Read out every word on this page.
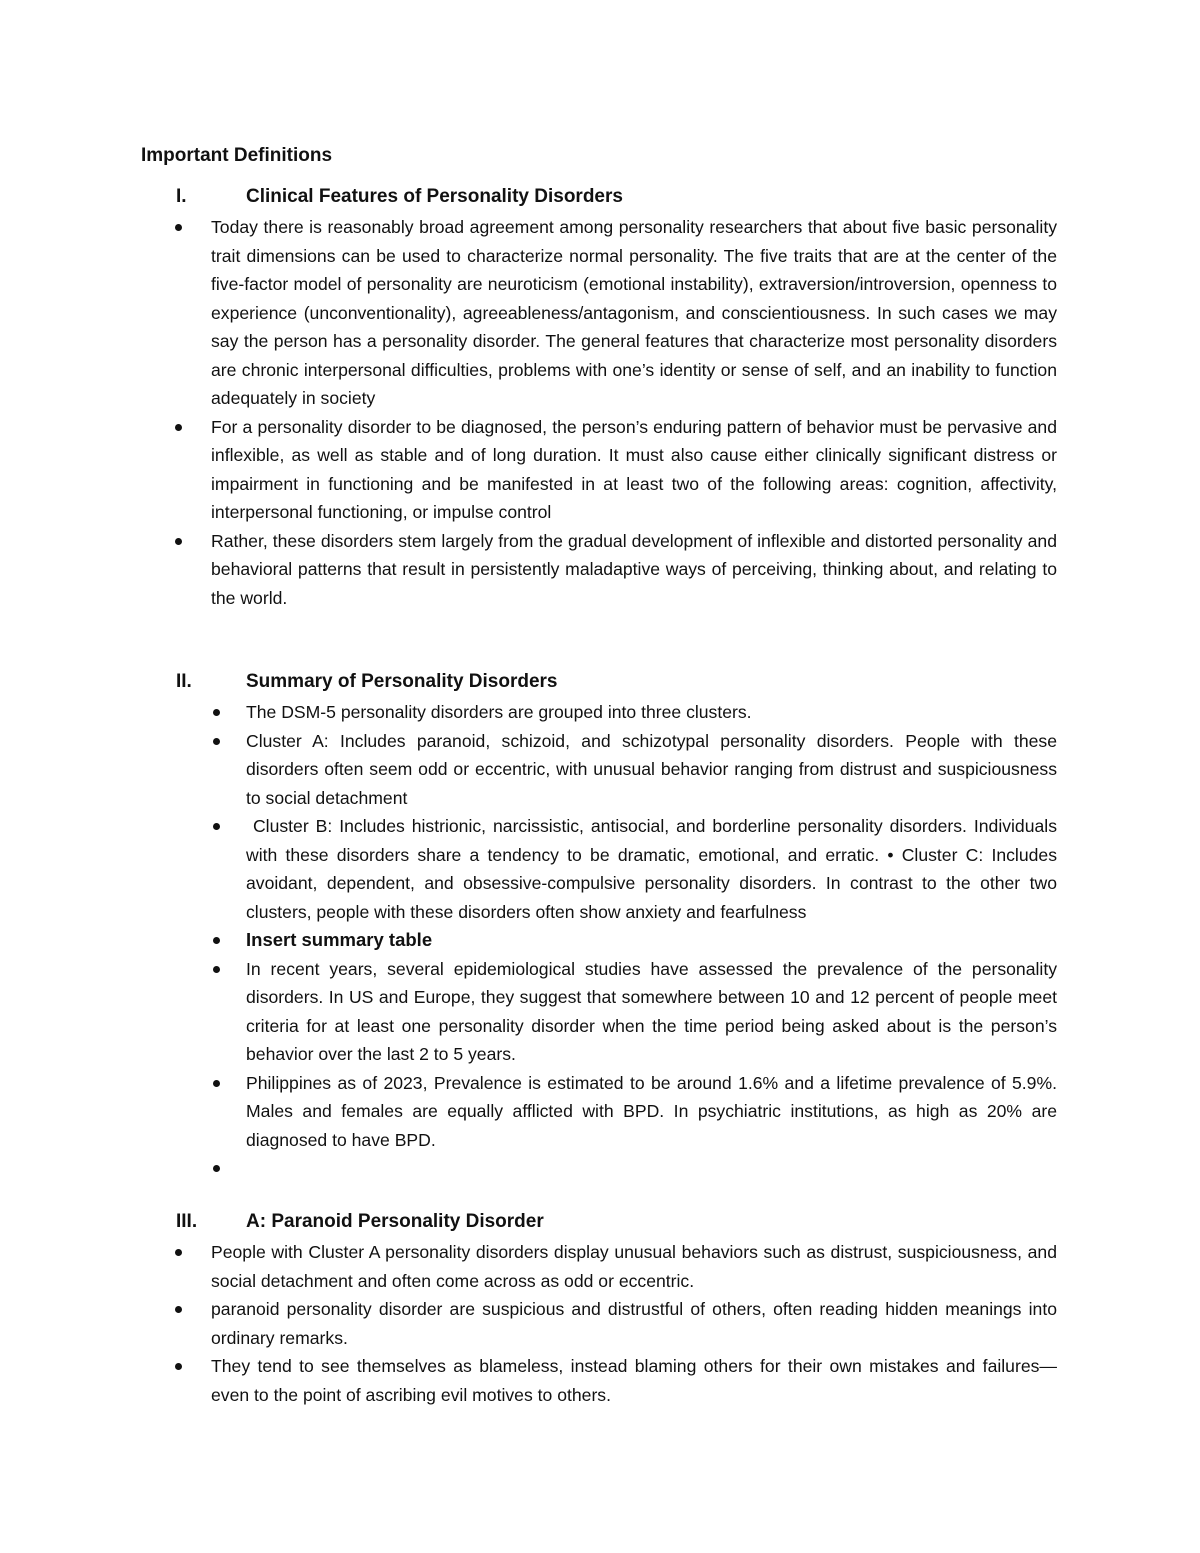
Important Definitions
I.	Clinical Features of Personality Disorders
Today there is reasonably broad agreement among personality researchers that about five basic personality trait dimensions can be used to characterize normal personality. The five traits that are at the center of the five-factor model of personality are neuroticism (emotional instability), extraversion/introversion, openness to experience (unconventionality), agreeableness/antagonism, and conscientiousness. In such cases we may say the person has a personality disorder. The general features that characterize most personality disorders are chronic interpersonal difficulties, problems with one’s identity or sense of self, and an inability to function adequately in society
For a personality disorder to be diagnosed, the person’s enduring pattern of behavior must be pervasive and inflexible, as well as stable and of long duration. It must also cause either clinically significant distress or impairment in functioning and be manifested in at least two of the following areas: cognition, affectivity, interpersonal functioning, or impulse control
Rather, these disorders stem largely from the gradual development of inflexible and distorted personality and behavioral patterns that result in persistently maladaptive ways of perceiving, thinking about, and relating to the world.
II.	Summary of Personality Disorders
The DSM-5 personality disorders are grouped into three clusters.
Cluster A: Includes paranoid, schizoid, and schizotypal personality disorders. People with these disorders often seem odd or eccentric, with unusual behavior ranging from distrust and suspiciousness to social detachment
Cluster B: Includes histrionic, narcissistic, antisocial, and borderline personality disorders. Individuals with these disorders share a tendency to be dramatic, emotional, and erratic. • Cluster C: Includes avoidant, dependent, and obsessive-compulsive personality disorders. In contrast to the other two clusters, people with these disorders often show anxiety and fearfulness
Insert summary table
In recent years, several epidemiological studies have assessed the prevalence of the personality disorders. In US and Europe, they suggest that somewhere between 10 and 12 percent of people meet criteria for at least one personality disorder when the time period being asked about is the person’s behavior over the last 2 to 5 years.
Philippines as of 2023, Prevalence is estimated to be around 1.6% and a lifetime prevalence of 5.9%. Males and females are equally afflicted with BPD. In psychiatric institutions, as high as 20% are diagnosed to have BPD.
III.	A: Paranoid Personality Disorder
People with Cluster A personality disorders display unusual behaviors such as distrust, suspiciousness, and social detachment and often come across as odd or eccentric.
paranoid personality disorder are suspicious and distrustful of others, often reading hidden meanings into ordinary remarks.
They tend to see themselves as blameless, instead blaming others for their own mistakes and failures—even to the point of ascribing evil motives to others.
